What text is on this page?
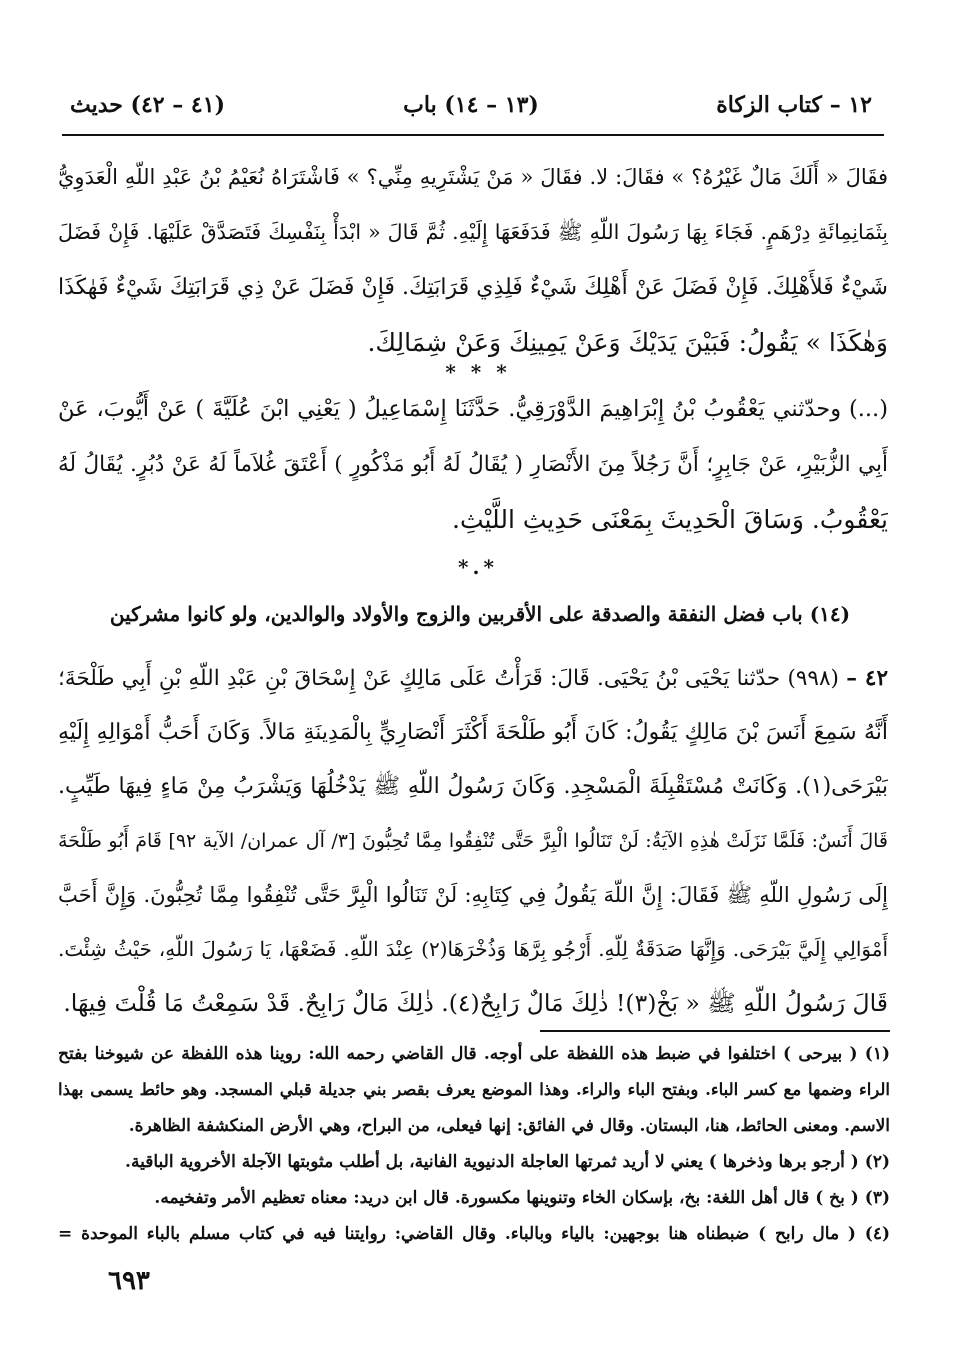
١٢ – كتاب الزكاة
(١٣ – ١٤) باب
(٤١ – ٤٢) حديث
فقَالَ « أَلَكَ مَالٌ غَيْرُهُ؟ » فقَالَ: لا. فقَالَ « مَنْ يَشْتَرِيهِ مِنِّي؟ » فَاشْتَرَاهُ نُعَيْمُ بْنُ عَبْدِ اللّهِ الْعَدَوِيُّ
بِثَمَانِمِائَةِ دِرْهَمٍ. فَجَاءَ بِهَا رَسُولَ اللّهِ ﷺ فَدَفَعَهَا إِلَيْهِ. ثُمَّ قَالَ « ابْدَأْ بِنَفْسِكَ فَتَصَدَّقْ عَلَيْهَا. فَإِنْ فَضَلَ
شَيْءٌ فَلأَهْلِكَ. فَإِنْ فَضَلَ عَنْ أَهْلِكَ شَيْءٌ فَلِذِي قَرَابَتِكَ. فَإِنْ فَضَلَ عَنْ ذِي قَرَابَتِكَ شَيْءٌ فَهٰكَذَا
وَهٰكَذَا » يَقُولُ: فَبَيْنَ يَدَيْكَ وَعَنْ يَمِينِكَ وَعَنْ شِمَالِكَ.
* * *
(...) وحدّثني يَعْقُوبُ بْنُ إِبْرَاهِيمَ الدَّوْرَقِيُّ. حَدَّثَنَا إِسْمَاعِيلُ ( يَعْنِي ابْنَ عُلَيَّةَ ) عَنْ أَيُّوبَ، عَنْ
أَبِي الزُّبَيْرِ، عَنْ جَابِرٍ؛ أَنَّ رَجُلاً مِنَ الأَنْصَارِ ( يُقَالُ لَهُ أَبُو مَذْكُورٍ ) أَعْتَقَ غُلاَماً لَهُ عَنْ دُبُرٍ. يُقَالُ لَهُ
يَعْقُوبُ. وَسَاقَ الْحَدِيثَ بِمَعْنَى حَدِيثِ اللَّيْثِ.
*.*
(١٤) باب فضل النفقة والصدقة على الأقربين والزوج والأولاد والوالدين، ولو كانوا مشركين
٤٢ – (٩٩٨) حدّثنا يَحْيَى بْنُ يَحْيَى. قَالَ: قَرَأْتُ عَلَى مَالِكٍ عَنْ إِسْحَاقَ بْنِ عَبْدِ اللّهِ بْنِ أَبِي طَلْحَةَ؛
أَنَّهُ سَمِعَ أَنَسَ بْنَ مَالِكٍ يَقُولُ: كَانَ أَبُو طَلْحَةَ أَكْثَرَ أَنْصَارِيٍّ بِالْمَدِينَةِ مَالاً. وَكَانَ أَحَبُّ أَمْوَالِهِ إِلَيْهِ
بَيْرَحَى(١). وَكَانَتْ مُسْتَقْبِلَةَ الْمَسْجِدِ. وَكَانَ رَسُولُ اللّهِ ﷺ يَدْخُلُهَا وَيَشْرَبُ مِنْ مَاءٍ فِيهَا طَيِّبٍ.
قَالَ أَنَسٌ: فَلَمَّا نَزَلَتْ هٰذِهِ الآيَةُ: لَنْ تَنَالُوا الْبِرَّ حَتَّى تُنْفِقُوا مِمَّا تُحِبُّونَ [٣/ آل عمران/ الآية ٩٢] قَامَ أَبُو طَلْحَةَ
إِلَى رَسُولِ اللّهِ ﷺ فَقَالَ: إِنَّ اللّهَ يَقُولُ فِي كِتَابِهِ: لَنْ تَنَالُوا الْبِرَّ حَتَّى تُنْفِقُوا مِمَّا تُحِبُّونَ. وَإِنَّ أَحَبَّ
أَمْوَالِي إِلَيَّ بَيْرَحَى. وَإِنَّهَا صَدَقَةٌ لِلّهِ. أَرْجُو بِرَّهَا وَذُخْرَهَا(٢) عِنْدَ اللّهِ. فَضَعْهَا، يَا رَسُولَ اللّهِ، حَيْثُ شِئْتَ.
قَالَ رَسُولُ اللّهِ ﷺ « بَخْ(٣)! ذٰلِكَ مَالٌ رَابِحٌ(٤). ذٰلِكَ مَالٌ رَابِحٌ. قَدْ سَمِعْتُ مَا قُلْتَ فِيهَا.
(١) ( بيرحى ) اختلفوا في ضبط هذه اللفظة على أوجه. قال القاضي رحمه الله: روينا هذه اللفظة عن شيوخنا بفتح
الراء وضمها مع كسر الباء. وبفتح الباء والراء. وهذا الموضع يعرف بقصر بني جديلة قبلي المسجد. وهو حائط يسمى بهذا
الاسم. ومعنى الحائط، هنا، البستان. وقال في الفائق: إنها فيعلى، من البراح، وهي الأرض المنكشفة الظاهرة.
(٢) ( أرجو برها وذخرها ) يعني لا أريد ثمرتها العاجلة الدنيوية الفانية، بل أطلب مثوبتها الآجلة الأخروية الباقية.
(٣) ( بخ ) قال أهل اللغة: بخ، بإسكان الخاء وتنوينها مكسورة. قال ابن دريد: معناه تعظيم الأمر وتفخيمه.
(٤) ( مال رابح ) ضبطناه هنا بوجهين: بالياء وبالباء. وقال القاضي: روايتنا فيه في كتاب مسلم بالباء الموحدة =
٦٩٣
